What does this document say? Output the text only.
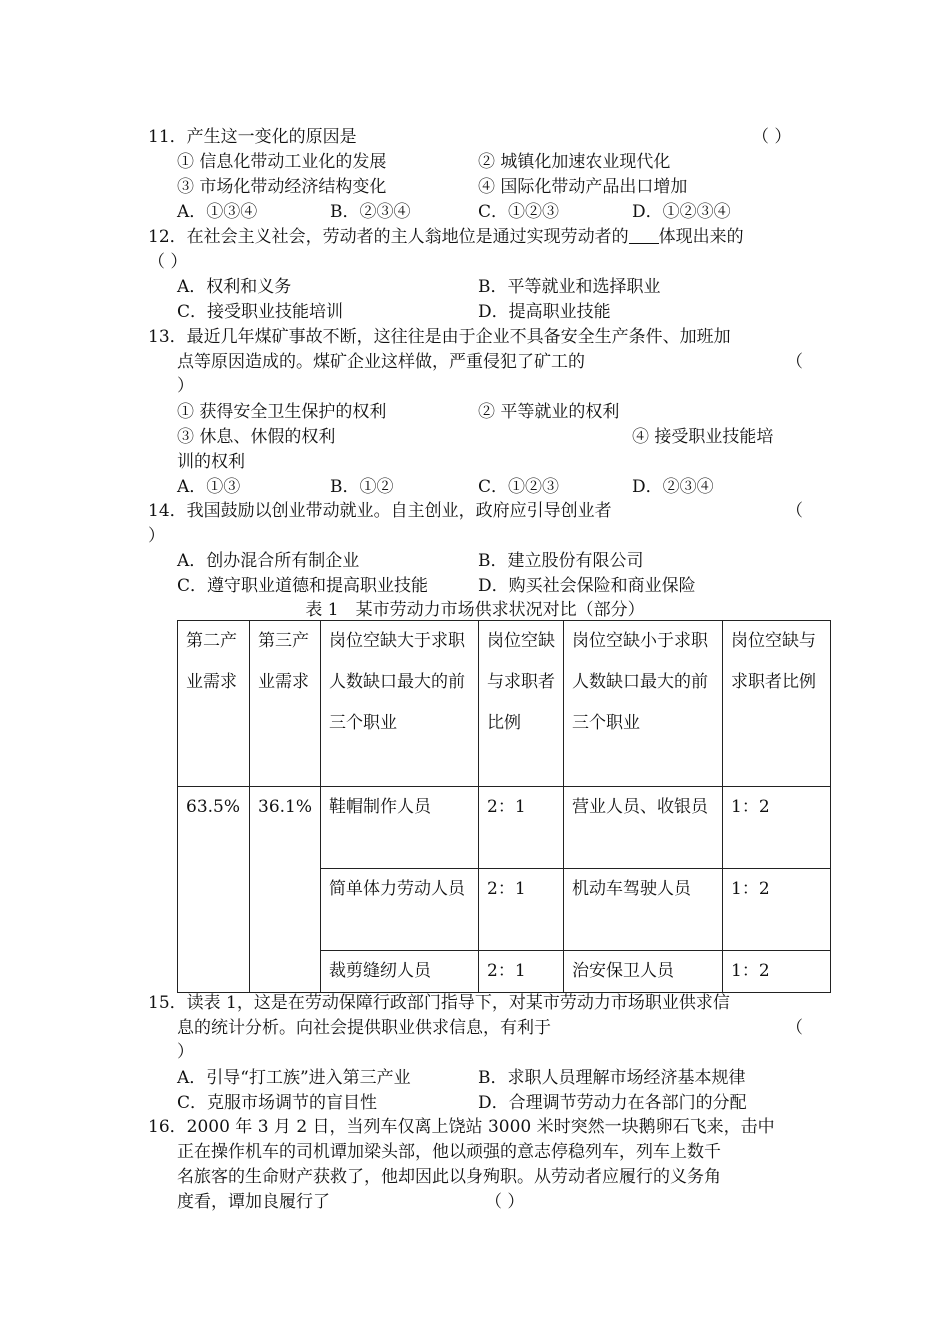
11．产生这一变化的原因是	（ ）
① 信息化带动工业化的发展	② 城镇化加速农业现代化
③ 市场化带动经济结构变化	④ 国际化带动产品出口增加
A．①③④	B．②③④	C．①②③	D．①②③④
12．在社会主义社会，劳动者的主人翁地位是通过实现劳动者的 体现出来的
（ ）
A．权利和义务	B．平等就业和选择职业
C．接受职业技能培训	D．提高职业技能
13．最近几年煤矿事故不断，这往往是由于企业不具备安全生产条件、加班加
点等原因造成的。煤矿企业这样做，严重侵犯了矿工的	（
）
① 获得安全卫生保护的权利	② 平等就业的权利
③ 休息、休假的权利	④ 接受职业技能培
训的权利
A．①③	B．①②	C．①②③	D．②③④
14．我国鼓励以创业带动就业。自主创业，政府应引导创业者	（
）
A．创办混合所有制企业	B．建立股份有限公司
C．遵守职业道德和提高职业技能	D．购买社会保险和商业保险
表 1　某市劳动力市场供求状况对比（部分）
第二产业需求	第三产业需求	岗位空缺大于求职人数缺口最大的前三个职业	岗位空缺与求职者比例	岗位空缺小于求职人数缺口最大的前三个职业	岗位空缺与求职者比例
63.5%	36.1%	鞋帽制作人员	2：1	营业人员、收银员	1：2
		简单体力劳动人员	2：1	机动车驾驶人员	1：2
		裁剪缝纫人员	2：1	治安保卫人员	1：2
15．读表 1，这是在劳动保障行政部门指导下，对某市劳动力市场职业供求信
息的统计分析。向社会提供职业供求信息，有利于	（
）
A．引导“打工族”进入第三产业	B．求职人员理解市场经济基本规律
C．克服市场调节的盲目性	D．合理调节劳动力在各部门的分配
16．2000 年 3 月 2 日，当列车仅离上饶站 3000 米时突然一块鹅卵石飞来，击中
正在操作机车的司机谭加梁头部，他以顽强的意志停稳列车，列车上数千
名旅客的生命财产获救了，他却因此以身殉职。从劳动者应履行的义务角
度看，谭加良履行了	（ ）
